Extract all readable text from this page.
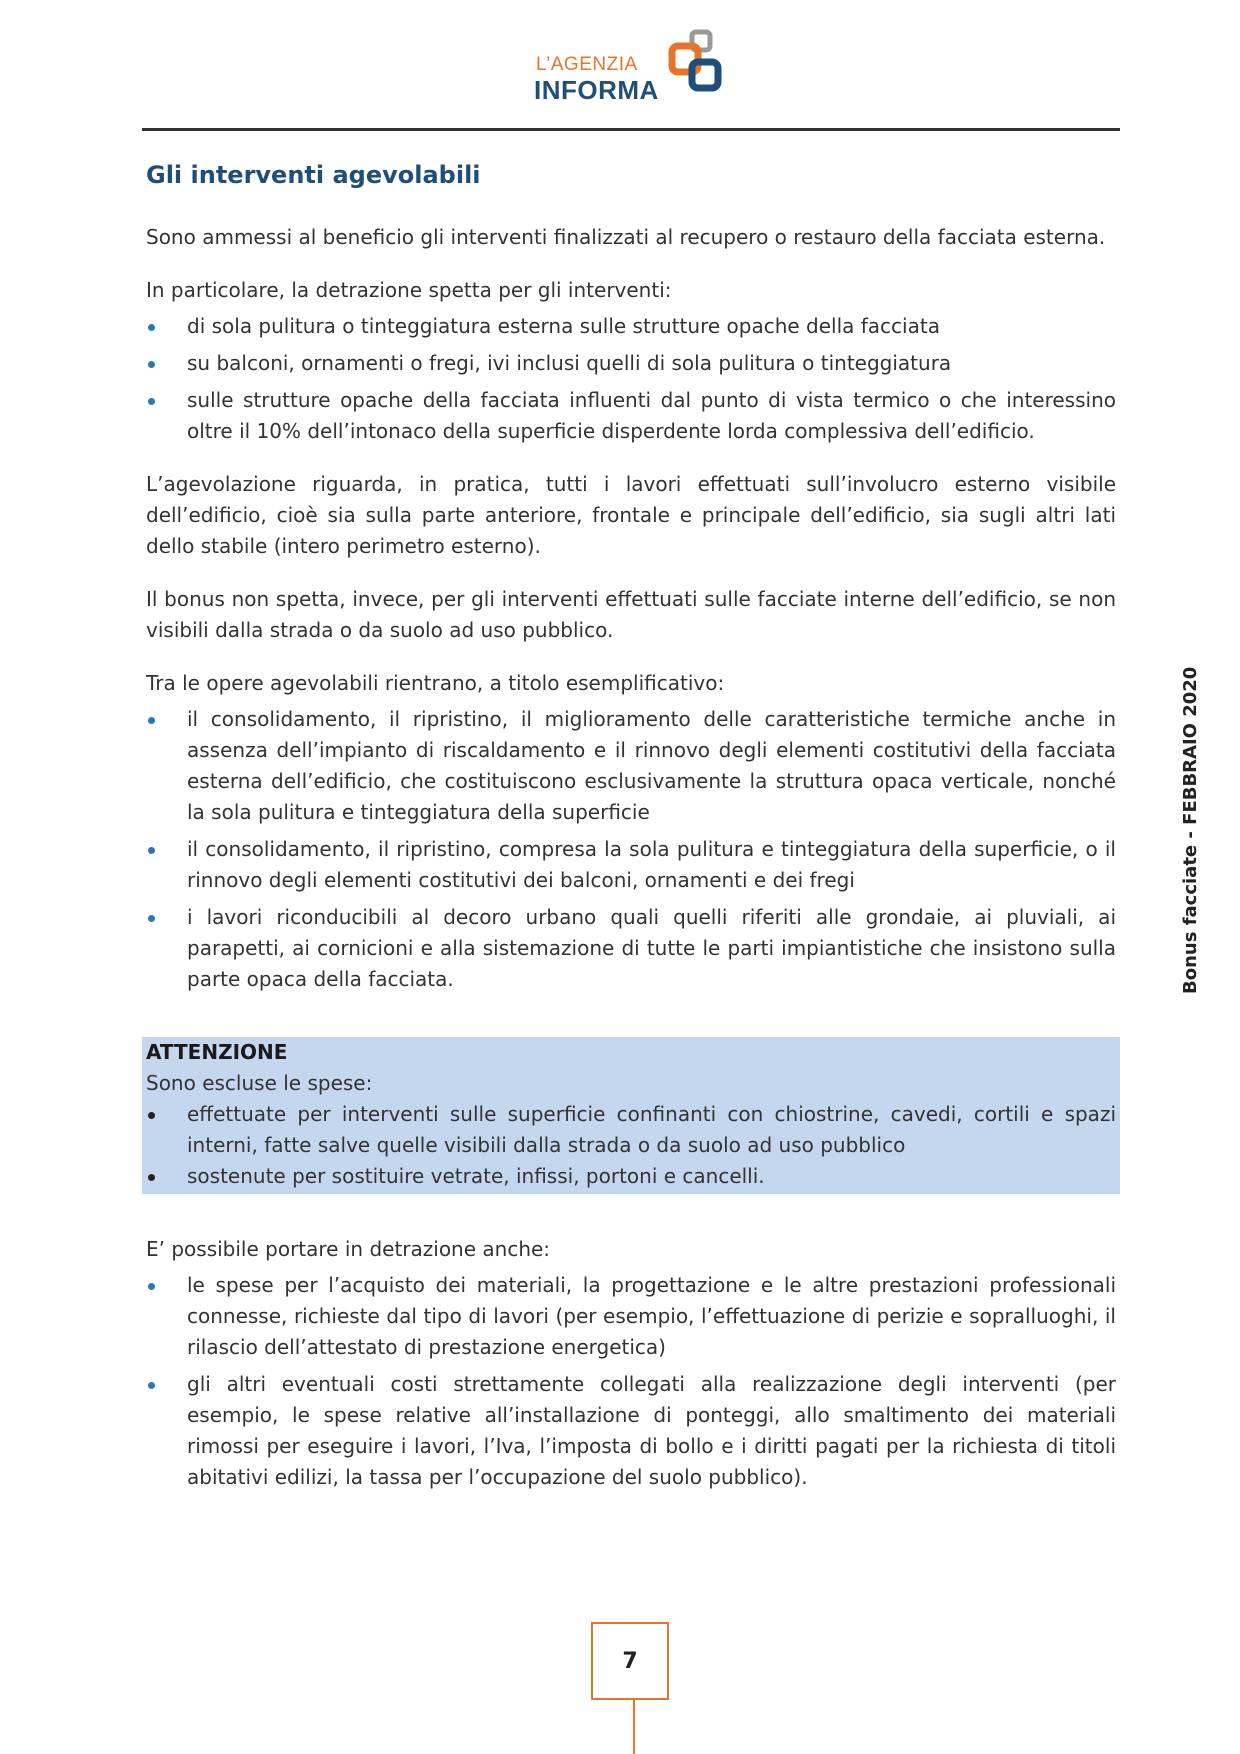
L’AGENZIA
INFORMA
Gli interventi agevolabili

Sono ammessi al beneficio gli interventi finalizzati al recupero o restauro della facciata esterna.

In particolare, la detrazione spetta per gli interventi:

di sola pulitura o tinteggiatura esterna sulle strutture opache della facciata
su balconi, ornamenti o fregi, ivi inclusi quelli di sola pulitura o tinteggiatura
sulle strutture opache della facciata influenti dal punto di vista termico o che interessino oltre il 10% dell’intonaco della superficie disperdente lorda complessiva dell’edificio.

L’agevolazione riguarda, in pratica, tutti i lavori effettuati sull’involucro esterno visibile dell’edificio, cioè sia sulla parte anteriore, frontale e principale dell’edificio, sia sugli altri lati dello stabile (intero perimetro esterno).

Il bonus non spetta, invece, per gli interventi effettuati sulle facciate interne dell’edificio, se non visibili dalla strada o da suolo ad uso pubblico.

Tra le opere agevolabili rientrano, a titolo esemplificativo:

il consolidamento, il ripristino, il miglioramento delle caratteristiche termiche anche in assenza dell’impianto di riscaldamento e il rinnovo degli elementi costitutivi della facciata esterna dell’edificio, che costituiscono esclusivamente la struttura opaca verticale, nonché la sola pulitura e tinteggiatura della superficie
il consolidamento, il ripristino, compresa la sola pulitura e tinteggiatura della superficie, o il rinnovo degli elementi costitutivi dei balconi, ornamenti e dei fregi
i lavori riconducibili al decoro urbano quali quelli riferiti alle grondaie, ai pluviali, ai parapetti, ai cornicioni e alla sistemazione di tutte le parti impiantistiche che insistono sulla parte opaca della facciata.
ATTENZIONE
Sono escluse le spese:
effettuate per interventi sulle superficie confinanti con chiostrine, cavedi, cortili e spazi interni, fatte salve quelle visibili dalla strada o da suolo ad uso pubblico
sostenute per sostituire vetrate, infissi, portoni e cancelli.

E’ possibile portare in detrazione anche:

le spese per l’acquisto dei materiali, la progettazione e le altre prestazioni professionali connesse, richieste dal tipo di lavori (per esempio, l’effettuazione di perizie e sopralluoghi, il rilascio dell’attestato di prestazione energetica)
gli altri eventuali costi strettamente collegati alla realizzazione degli interventi (per esempio, le spese relative all’installazione di ponteggi, allo smaltimento dei materiali rimossi per eseguire i lavori, l’Iva, l’imposta di bollo e i diritti pagati per la richiesta di titoli abitativi edilizi, la tassa per l’occupazione del suolo pubblico).
Bonus facciate - FEBBRAIO 2020
7
